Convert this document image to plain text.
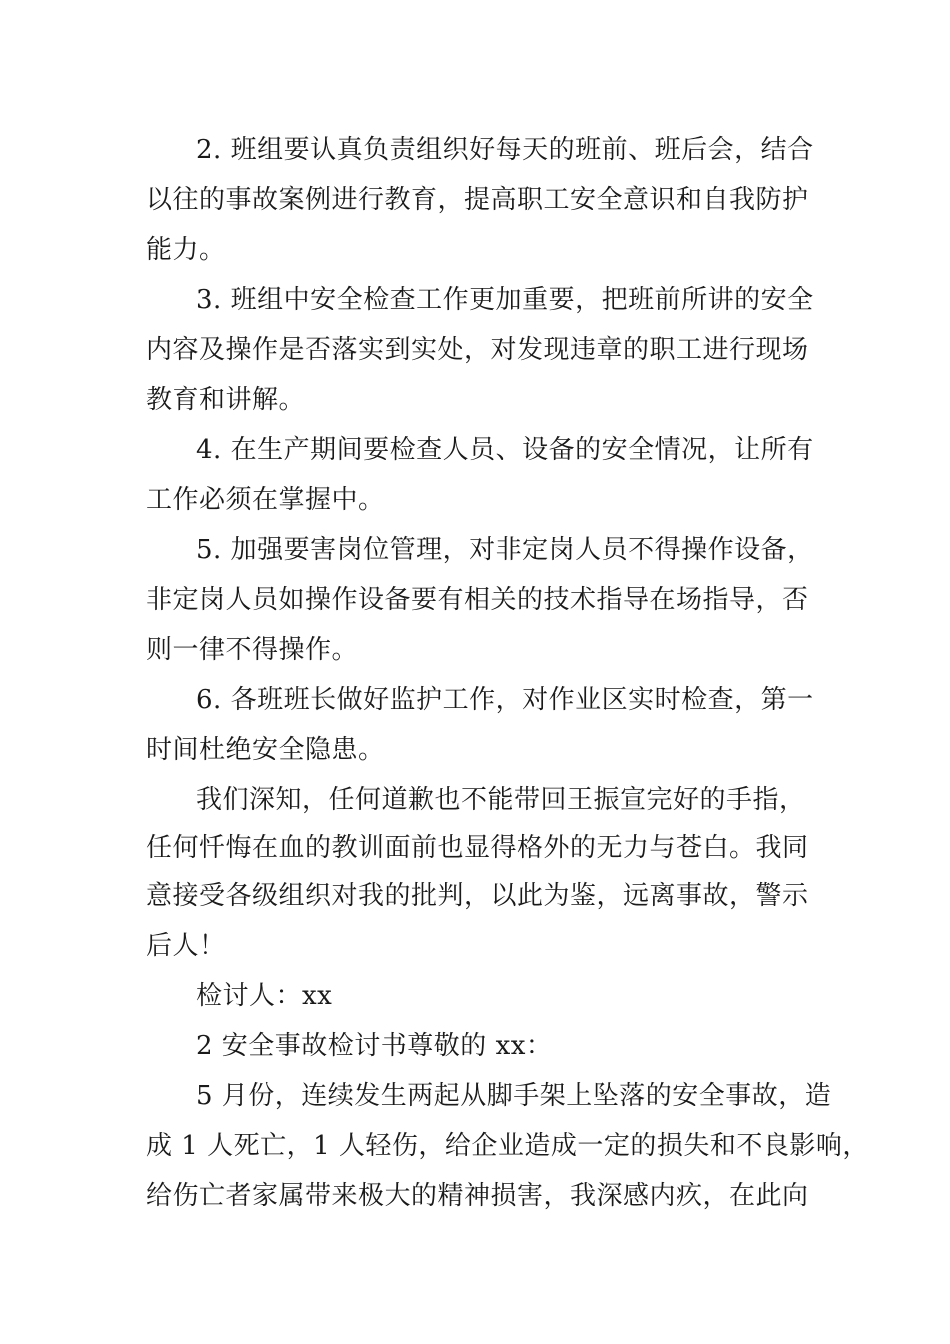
2. 班组要认真负责组织好每天的班前、班后会，结合
以往的事故案例进行教育，提高职工安全意识和自我防护
能力。
3. 班组中安全检查工作更加重要，把班前所讲的安全
内容及操作是否落实到实处，对发现违章的职工进行现场
教育和讲解。
4. 在生产期间要检查人员、设备的安全情况，让所有
工作必须在掌握中。
5. 加强要害岗位管理，对非定岗人员不得操作设备，
非定岗人员如操作设备要有相关的技术指导在场指导，否
则一律不得操作。
6. 各班班长做好监护工作，对作业区实时检查，第一
时间杜绝安全隐患。
我们深知，任何道歉也不能带回王振宣完好的手指，
任何忏悔在血的教训面前也显得格外的无力与苍白。我同
意接受各级组织对我的批判，以此为鉴，远离事故，警示
后人！
检讨人：xx
2 安全事故检讨书尊敬的 xx：
5 月份，连续发生两起从脚手架上坠落的安全事故，造
成 1 人死亡，1 人轻伤，给企业造成一定的损失和不良影响，
给伤亡者家属带来极大的精神损害，我深感内疚，在此向
